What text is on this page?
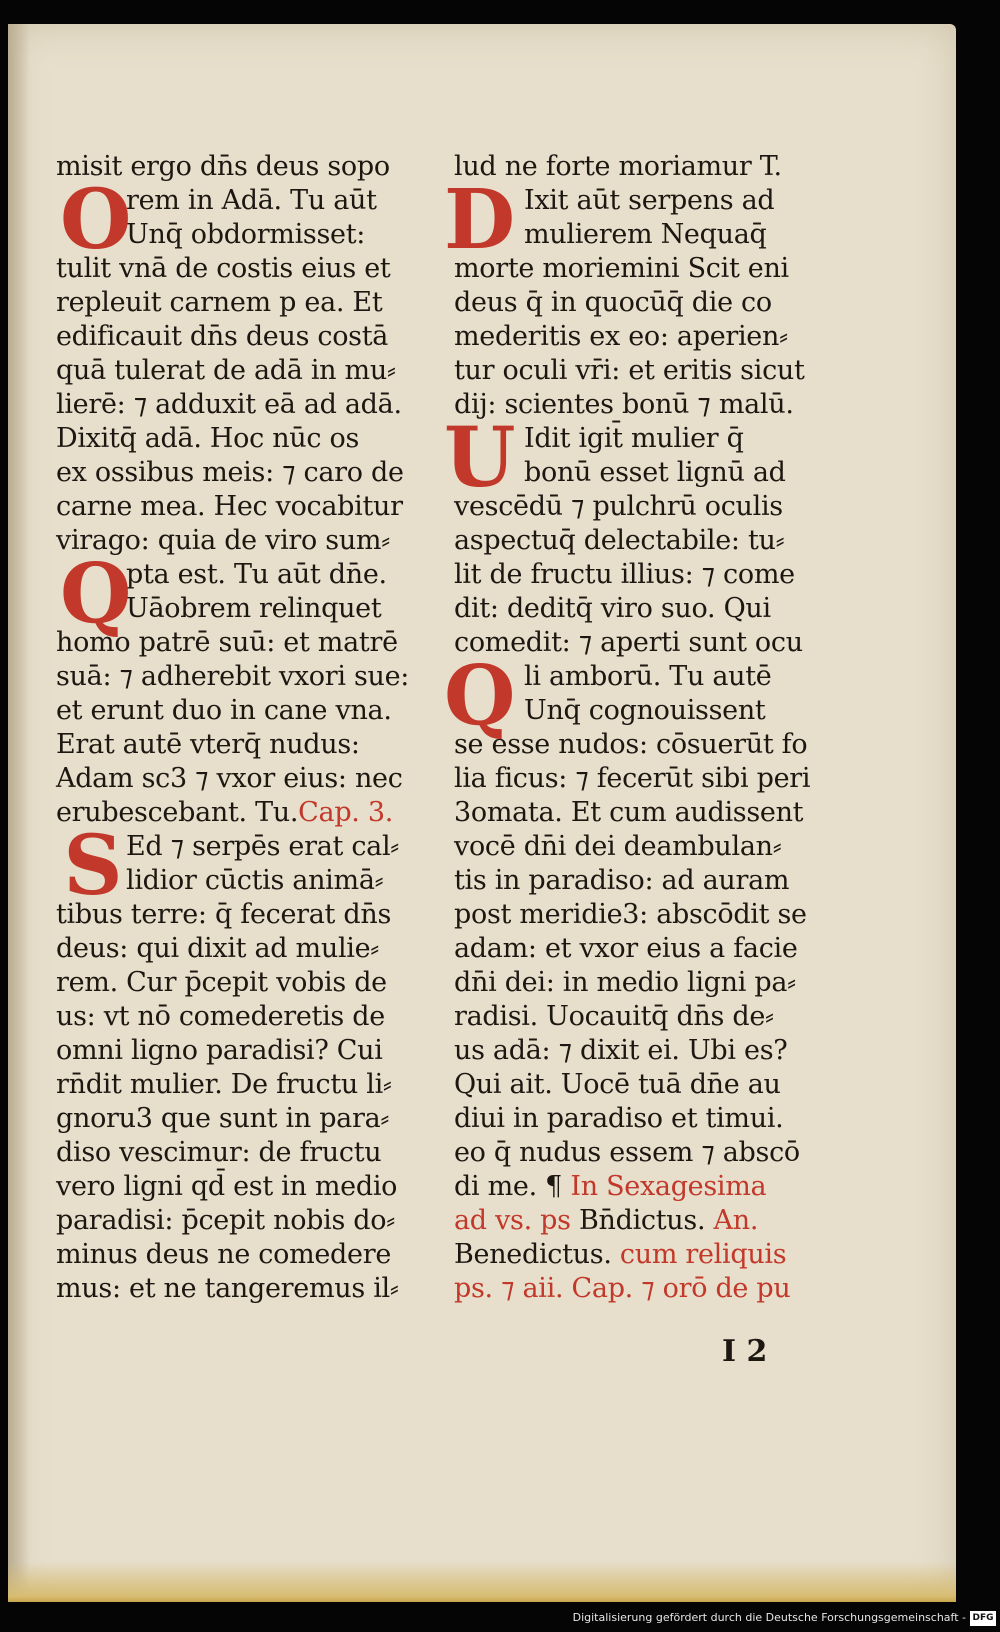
misit ergo dn̄s deus sopo
rem in Adā. Tu aūt
Unq̄ obdormisset:
tulit vnā de costis eius et
repleuit carnem p ea. Et
edificauit dn̄s deus costā
quā tulerat de adā in mu⸗
lierē: ⁊ adduxit eā ad adā.
Dixitq̄ adā. Hoc nūc os
ex ossibus meis: ⁊ caro de
carne mea. Hec vocabitur
virago: quia de viro sum⸗
pta est. Tu aūt dn̄e.
Uāobrem relinquet
homo patrē suū: et matrē
suā: ⁊ adherebit vxori sue:
et erunt duo in cane vna.
Erat autē vterq̄ nudus:
Adam sc3 ⁊ vxor eius: nec
erubescebant. Tu.Cap. 3.
Ed ⁊ serpēs erat cal⸗
lidior cūctis animā⸗
tibus terre: q̄ fecerat dn̄s
deus: qui dixit ad mulie⸗
rem. Cur p̄cepit vobis de
us: vt nō comederetis de
omni ligno paradisi? Cui
rn̄dit mulier. De fructu li⸗
gnoru3 que sunt in para⸗
diso vescimur: de fructu
vero ligni qd̄ est in medio
paradisi: p̄cepit nobis do⸗
minus deus ne comedere
mus: et ne tangeremus il⸗
O
Q
S
lud ne forte moriamur T.
Ixit aūt serpens ad
mulierem Nequaq̄
morte moriemini Scit eni
deus q̄ in quocūq̄ die co
mederitis ex eo: aperien⸗
tur oculi vr̄i: et eritis sicut
dij: scientes bonū ⁊ malū.
Idit igit̄ mulier q̄
bonū esset lignū ad
vescēdū ⁊ pulchrū oculis
aspectuq̄ delectabile: tu⸗
lit de fructu illius: ⁊ come
dit: deditq̄ viro suo. Qui
comedit: ⁊ aperti sunt ocu
li amborū. Tu autē
Unq̄ cognouissent
se esse nudos: cōsuerūt fo
lia ficus: ⁊ fecerūt sibi peri
3omata. Et cum audissent
vocē dn̄i dei deambulan⸗
tis in paradiso: ad auram
post meridie3: abscōdit se
adam: et vxor eius a facie
dn̄i dei: in medio ligni pa⸗
radisi. Uocauitq̄ dn̄s de⸗
us adā: ⁊ dixit ei. Ubi es?
Qui ait. Uocē tuā dn̄e au
diui in paradiso et timui.
eo q̄ nudus essem ⁊ abscō
di me. ¶ In Sexagesima
ad vs. ps Bn̄dictus. An.
Benedictus. cum reliquis
ps. ⁊ aii. Cap. ⁊ orō de pu
D
U
Q
I 2
Digitalisierung gefördert durch die Deutsche Forschungsgemeinschaft - DFG
